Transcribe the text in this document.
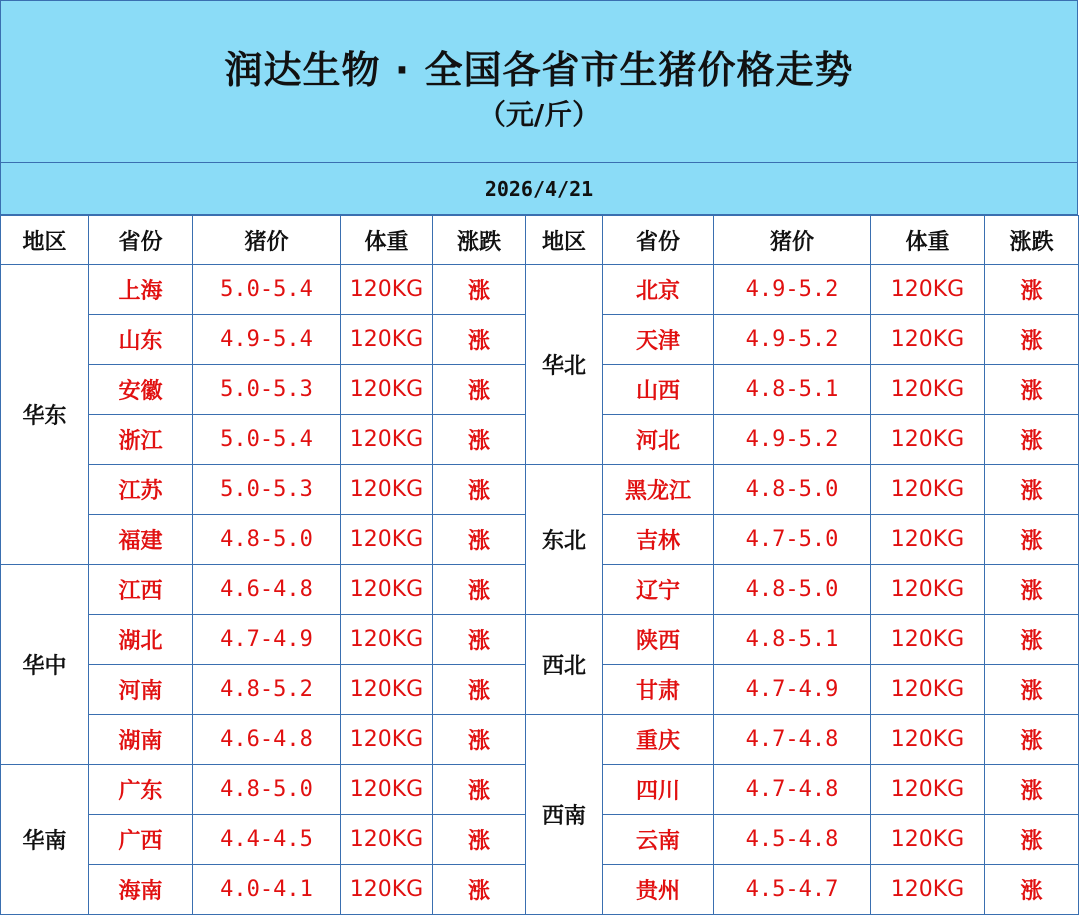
润达生物 · 全国各省市生猪价格走势
（元/斤）
2026/4/21
地区	省份	猪价	体重	涨跌	地区	省份	猪价	体重	涨跌
华东	上海	5.0-5.4	120KG	涨	华北	北京	4.9-5.2	120KG	涨
	山东	4.9-5.4	120KG	涨		天津	4.9-5.2	120KG	涨
	安徽	5.0-5.3	120KG	涨		山西	4.8-5.1	120KG	涨
	浙江	5.0-5.4	120KG	涨		河北	4.9-5.2	120KG	涨
	江苏	5.0-5.3	120KG	涨	东北	黑龙江	4.8-5.0	120KG	涨
	福建	4.8-5.0	120KG	涨		吉林	4.7-5.0	120KG	涨
华中	江西	4.6-4.8	120KG	涨		辽宁	4.8-5.0	120KG	涨
	湖北	4.7-4.9	120KG	涨	西北	陕西	4.8-5.1	120KG	涨
	河南	4.8-5.2	120KG	涨		甘肃	4.7-4.9	120KG	涨
	湖南	4.6-4.8	120KG	涨	西南	重庆	4.7-4.8	120KG	涨
华南	广东	4.8-5.0	120KG	涨		四川	4.7-4.8	120KG	涨
	广西	4.4-4.5	120KG	涨		云南	4.5-4.8	120KG	涨
	海南	4.0-4.1	120KG	涨		贵州	4.5-4.7	120KG	涨
